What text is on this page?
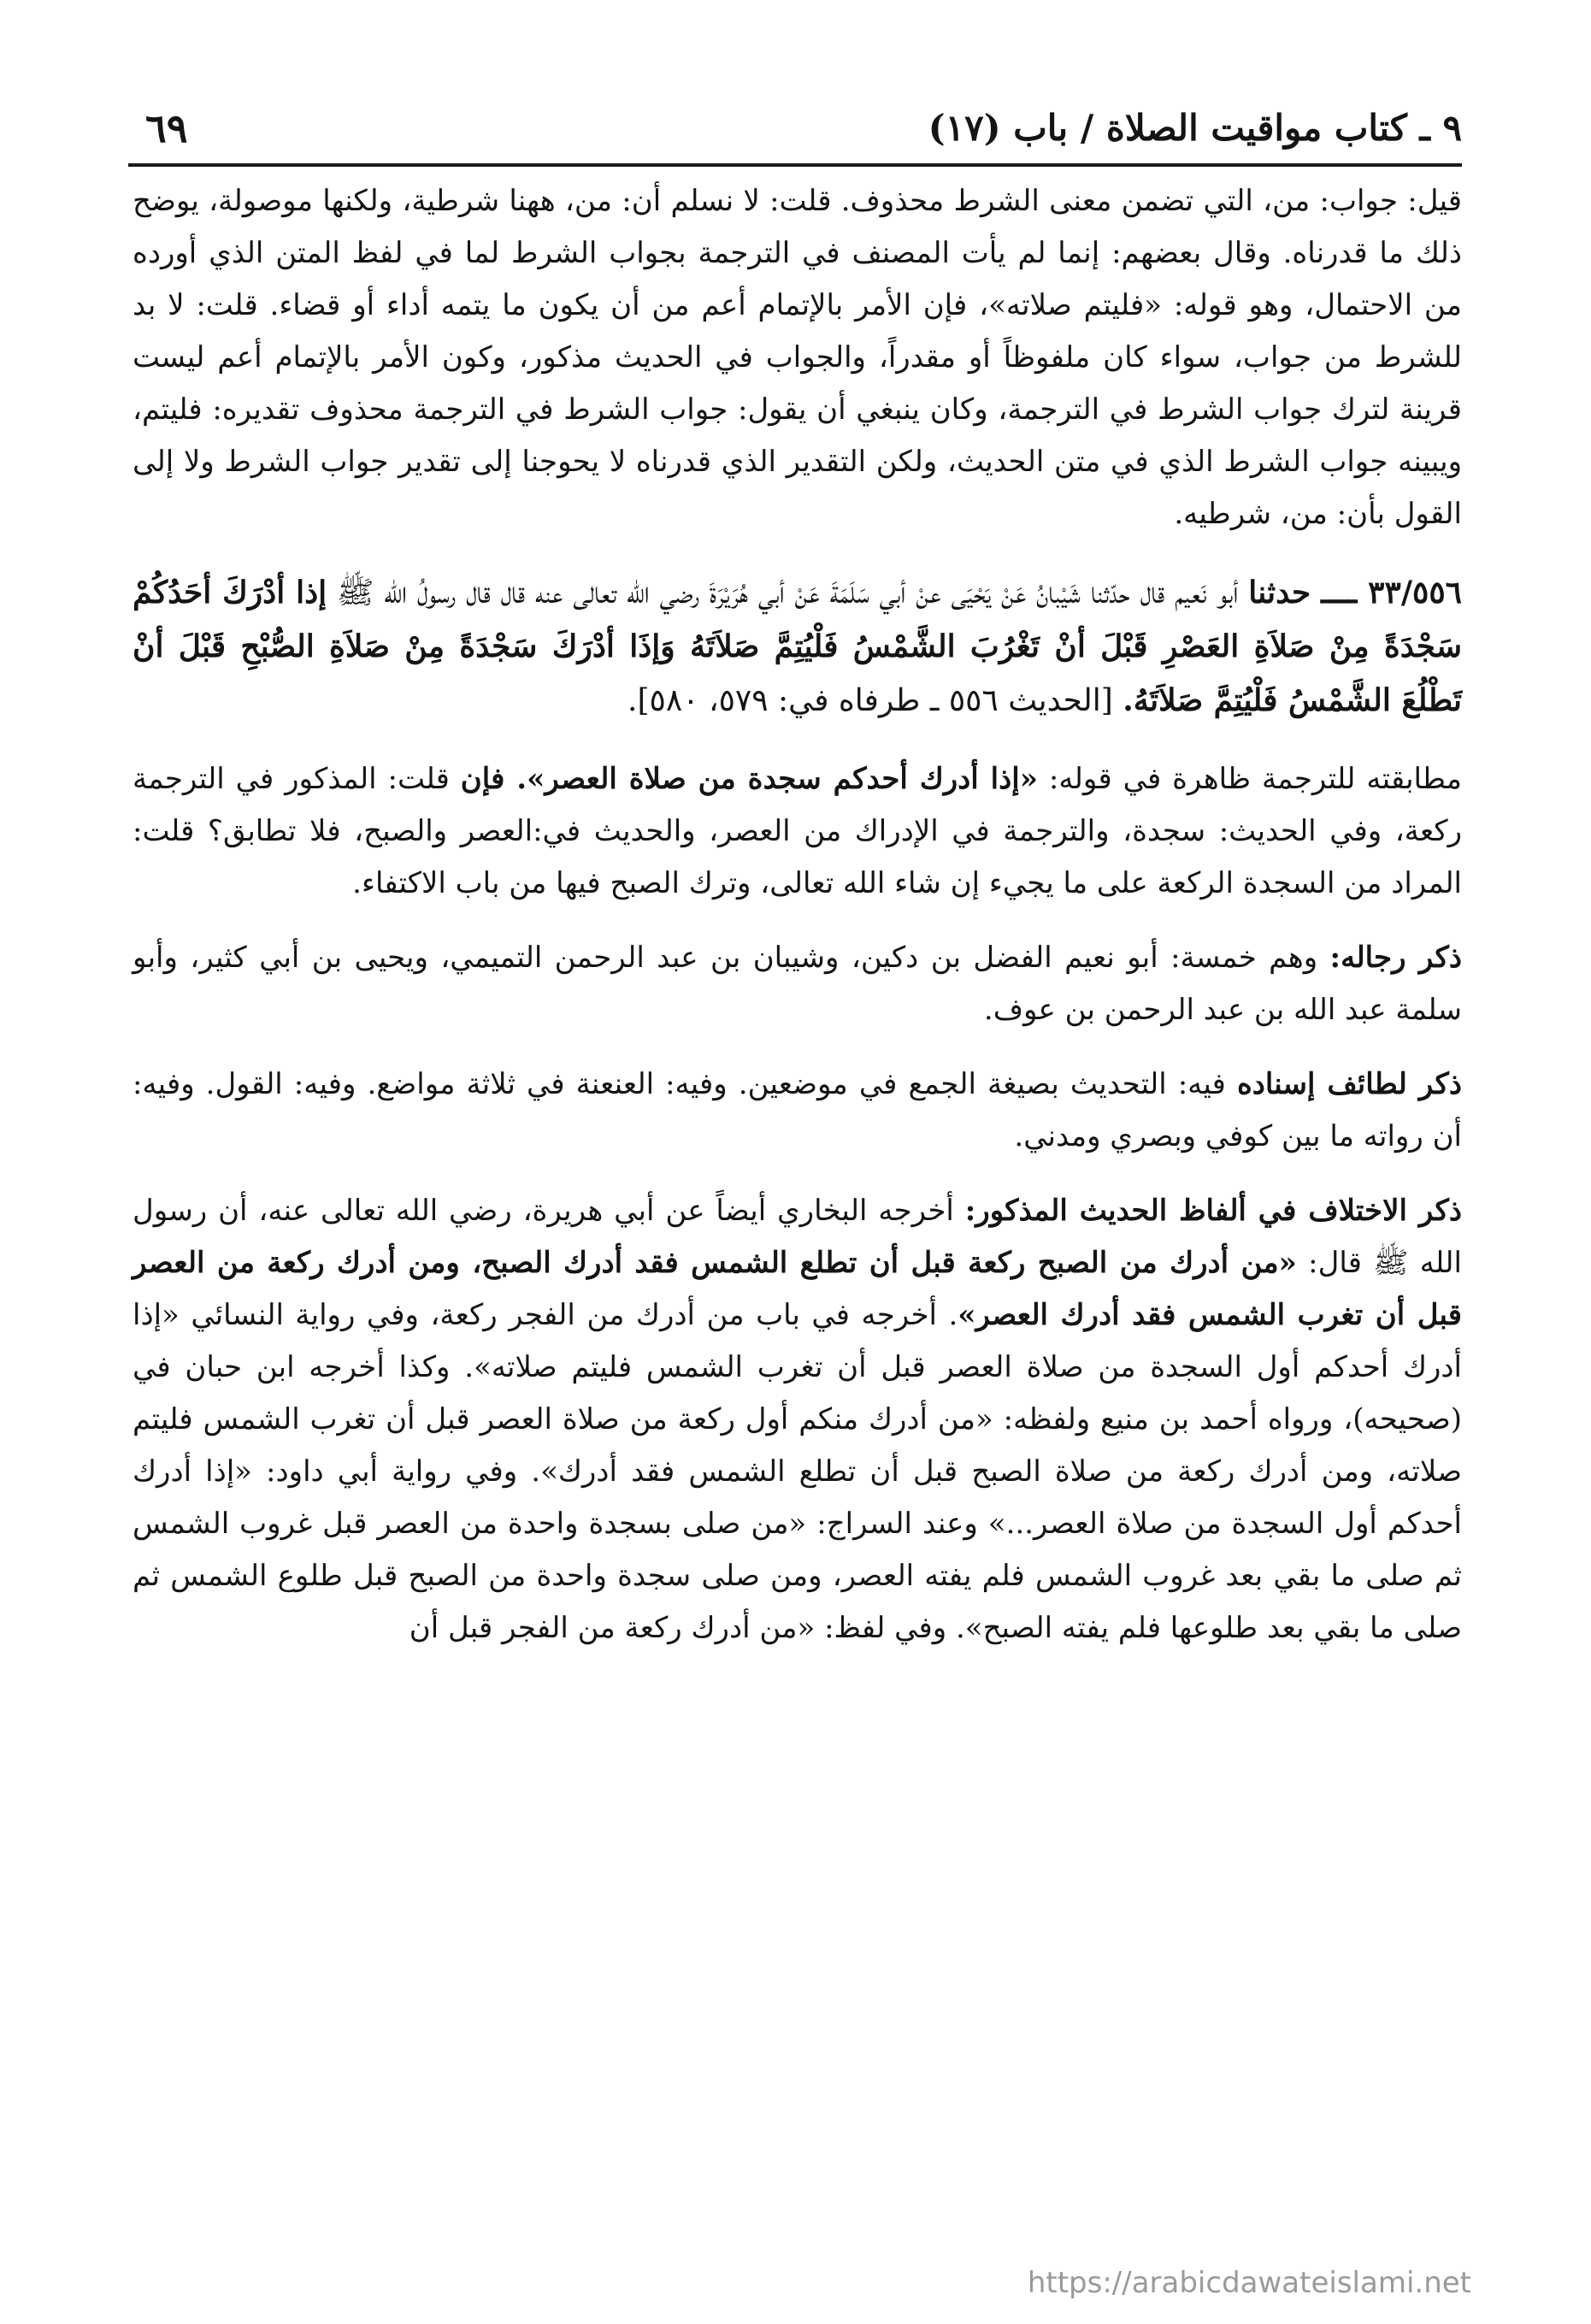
٩ ـ كتاب مواقيت الصلاة / باب (١٧)
٦٩

قيل: جواب: من، التي تضمن معنى الشرط محذوف. قلت: لا نسلم أن: من، ههنا شرطية، ولكنها موصولة، يوضح ذلك ما قدرناه. وقال بعضهم: إنما لم يأت المصنف في الترجمة بجواب الشرط لما في لفظ المتن الذي أورده من الاحتمال، وهو قوله: «فليتم صلاته»، فإن الأمر بالإتمام أعم من أن يكون ما يتمه أداء أو قضاء. قلت: لا بد للشرط من جواب، سواء كان ملفوظاً أو مقدراً، والجواب في الحديث مذكور، وكون الأمر بالإتمام أعم ليست قرينة لترك جواب الشرط في الترجمة، وكان ينبغي أن يقول: جواب الشرط في الترجمة محذوف تقديره: فليتم، ويبينه جواب الشرط الذي في متن الحديث، ولكن التقدير الذي قدرناه لا يحوجنا إلى تقدير جواب الشرط ولا إلى القول بأن: من، شرطيه.

٣٣/٥٥٦ ــــ حدثنا أبو نَعيم قال حدّثنا شَيْبانُ عَنْ يَحْيَى عنْ أبي سَلَمَةَ عَنْ أبي هُرَيْرَةَ رضي الله تعالى عنه قال قال رسولُ الله ﷺ إذا أدْرَكَ أحَدُكُمْ سَجْدَةً مِنْ صَلاَةِ العَصْرِ قَبْلَ أنْ تَغْرُبَ الشَّمْسُ فَلْيُتِمَّ صَلاَتَهُ وَإذَا أدْرَكَ سَجْدَةً مِنْ صَلاَةِ الصُّبْحِ قَبْلَ أنْ تَطْلُعَ الشَّمْسُ فَلْيُتِمَّ صَلاَتَهُ. [الحديث ٥٥٦ ـ طرفاه في: ٥٧٩، ٥٨٠].

مطابقته للترجمة ظاهرة في قوله: «إذا أدرك أحدكم سجدة من صلاة العصر». فإن قلت: المذكور في الترجمة ركعة، وفي الحديث: سجدة، والترجمة في الإدراك من العصر، والحديث في:العصر والصبح، فلا تطابق؟ قلت: المراد من السجدة الركعة على ما يجيء إن شاء الله تعالى، وترك الصبح فيها من باب الاكتفاء.

ذكر رجاله: وهم خمسة: أبو نعيم الفضل بن دكين، وشيبان بن عبد الرحمن التميمي، ويحيى بن أبي كثير، وأبو سلمة عبد الله بن عبد الرحمن بن عوف.

ذكر لطائف إسناده فيه: التحديث بصيغة الجمع في موضعين. وفيه: العنعنة في ثلاثة مواضع. وفيه: القول. وفيه: أن رواته ما بين كوفي وبصري ومدني.

ذكر الاختلاف في ألفاظ الحديث المذكور: أخرجه البخاري أيضاً عن أبي هريرة، رضي الله تعالى عنه، أن رسول الله ﷺ قال: «من أدرك من الصبح ركعة قبل أن تطلع الشمس فقد أدرك الصبح، ومن أدرك ركعة من العصر قبل أن تغرب الشمس فقد أدرك العصر». أخرجه في باب من أدرك من الفجر ركعة، وفي رواية النسائي «إذا أدرك أحدكم أول السجدة من صلاة العصر قبل أن تغرب الشمس فليتم صلاته». وكذا أخرجه ابن حبان في (صحيحه)، ورواه أحمد بن منيع ولفظه: «من أدرك منكم أول ركعة من صلاة العصر قبل أن تغرب الشمس فليتم صلاته، ومن أدرك ركعة من صلاة الصبح قبل أن تطلع الشمس فقد أدرك». وفي رواية أبي داود: «إذا أدرك أحدكم أول السجدة من صلاة العصر...» وعند السراج: «من صلى بسجدة واحدة من العصر قبل غروب الشمس ثم صلى ما بقي بعد غروب الشمس فلم يفته العصر، ومن صلى سجدة واحدة من الصبح قبل طلوع الشمس ثم صلى ما بقي بعد طلوعها فلم يفته الصبح». وفي لفظ: «من أدرك ركعة من الفجر قبل أن

https://arabicdawateislami.net
